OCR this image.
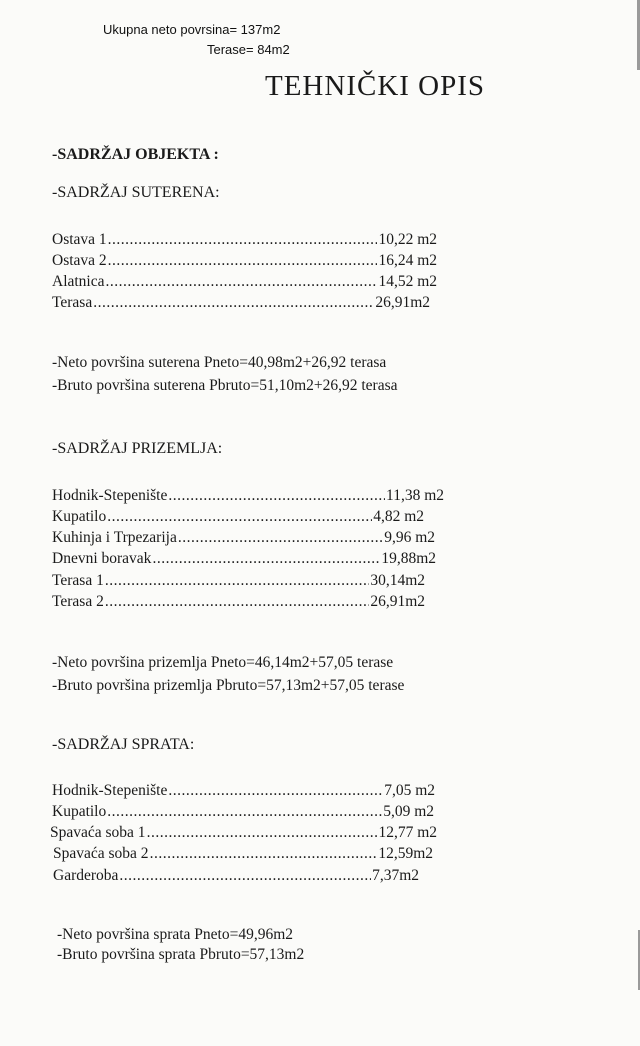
Ukupna neto povrsina= 137m2
Terase= 84m2
TEHNIČKI OPIS
-SADRŽAJ OBJEKTA :
-SADRŽAJ SUTERENA:
Ostava 1 .....	10,22 m2
Ostava 2 .....	16,24 m2
Alatnica .....	14,52 m2
Terasa .....	26,91m2
-Neto površina suterena Pneto=40,98m2+26,92 terasa
-Bruto površina suterena Pbruto=51,10m2+26,92 terasa
-SADRŽAJ PRIZEMLJA:
Hodnik-Stepenište .....	11,38 m2
Kupatilo .....	4,82 m2
Kuhinja i Trpezarija .....	9,96 m2
Dnevni boravak .....	19,88m2
Terasa 1 .....	30,14m2
Terasa 2 .....	26,91m2
-Neto površina prizemlja Pneto=46,14m2+57,05 terase
-Bruto površina prizemlja Pbruto=57,13m2+57,05 terase
-SADRŽAJ SPRATA:
Hodnik-Stepenište .....	7,05 m2
Kupatilo .....	5,09 m2
Spavaća soba 1 .....	12,77 m2
Spavaća soba 2 .....	12,59m2
Garderoba .....	7,37m2
-Neto površina sprata Pneto=49,96m2
-Bruto površina sprata Pbruto=57,13m2
